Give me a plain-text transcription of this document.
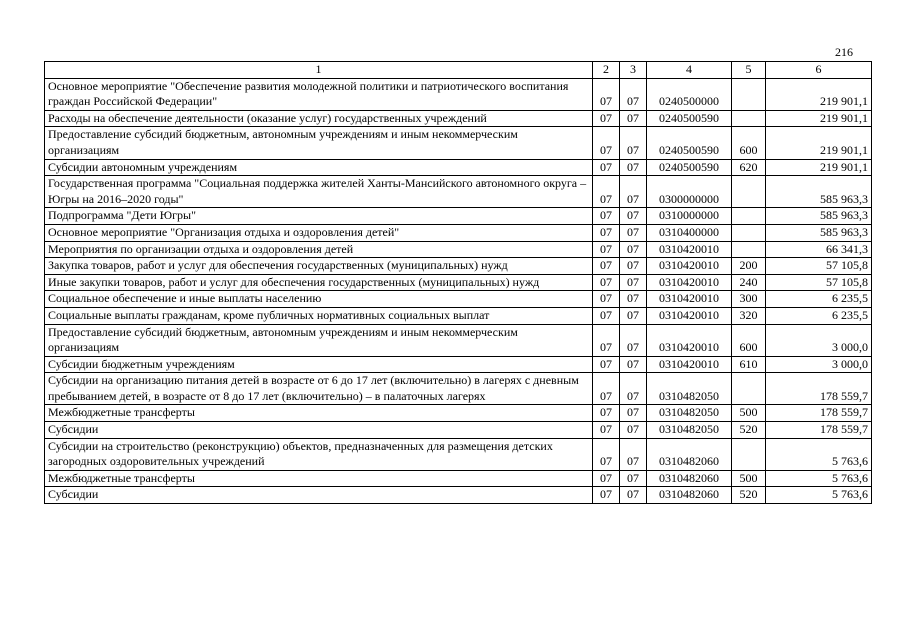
216
1	2	3	4	5	6
Основное мероприятие "Обеспечение развития молодежной политики и патриотического воспитания граждан Российской Федерации"	07	07	0240500000		219 901,1
Расходы на обеспечение деятельности (оказание услуг) государственных учреждений	07	07	0240500590		219 901,1
Предоставление субсидий бюджетным, автономным учреждениям и иным некоммерческим организациям	07	07	0240500590	600	219 901,1
Субсидии автономным учреждениям	07	07	0240500590	620	219 901,1
Государственная программа "Социальная поддержка жителей Ханты-Мансийского автономного округа – Югры на 2016–2020 годы"	07	07	0300000000		585 963,3
Подпрограмма "Дети Югры"	07	07	0310000000		585 963,3
Основное мероприятие "Организация отдыха и оздоровления детей"	07	07	0310400000		585 963,3
Мероприятия по организации отдыха и оздоровления детей	07	07	0310420010		66 341,3
Закупка товаров, работ и услуг для обеспечения государственных (муниципальных) нужд	07	07	0310420010	200	57 105,8
Иные закупки товаров, работ и услуг для обеспечения государственных (муниципальных) нужд	07	07	0310420010	240	57 105,8
Социальное обеспечение и иные выплаты населению	07	07	0310420010	300	6 235,5
Социальные выплаты гражданам, кроме публичных нормативных социальных выплат	07	07	0310420010	320	6 235,5
Предоставление субсидий бюджетным, автономным учреждениям и иным некоммерческим организациям	07	07	0310420010	600	3 000,0
Субсидии бюджетным учреждениям	07	07	0310420010	610	3 000,0
Субсидии на организацию питания детей в возрасте от 6 до 17 лет (включительно) в лагерях с дневным пребыванием детей, в возрасте от 8 до 17 лет (включительно) – в палаточных лагерях	07	07	0310482050		178 559,7
Межбюджетные трансферты	07	07	0310482050	500	178 559,7
Субсидии	07	07	0310482050	520	178 559,7
Субсидии на строительство (реконструкцию) объектов, предназначенных для размещения детских загородных оздоровительных учреждений	07	07	0310482060		5 763,6
Межбюджетные трансферты	07	07	0310482060	500	5 763,6
Субсидии	07	07	0310482060	520	5 763,6
